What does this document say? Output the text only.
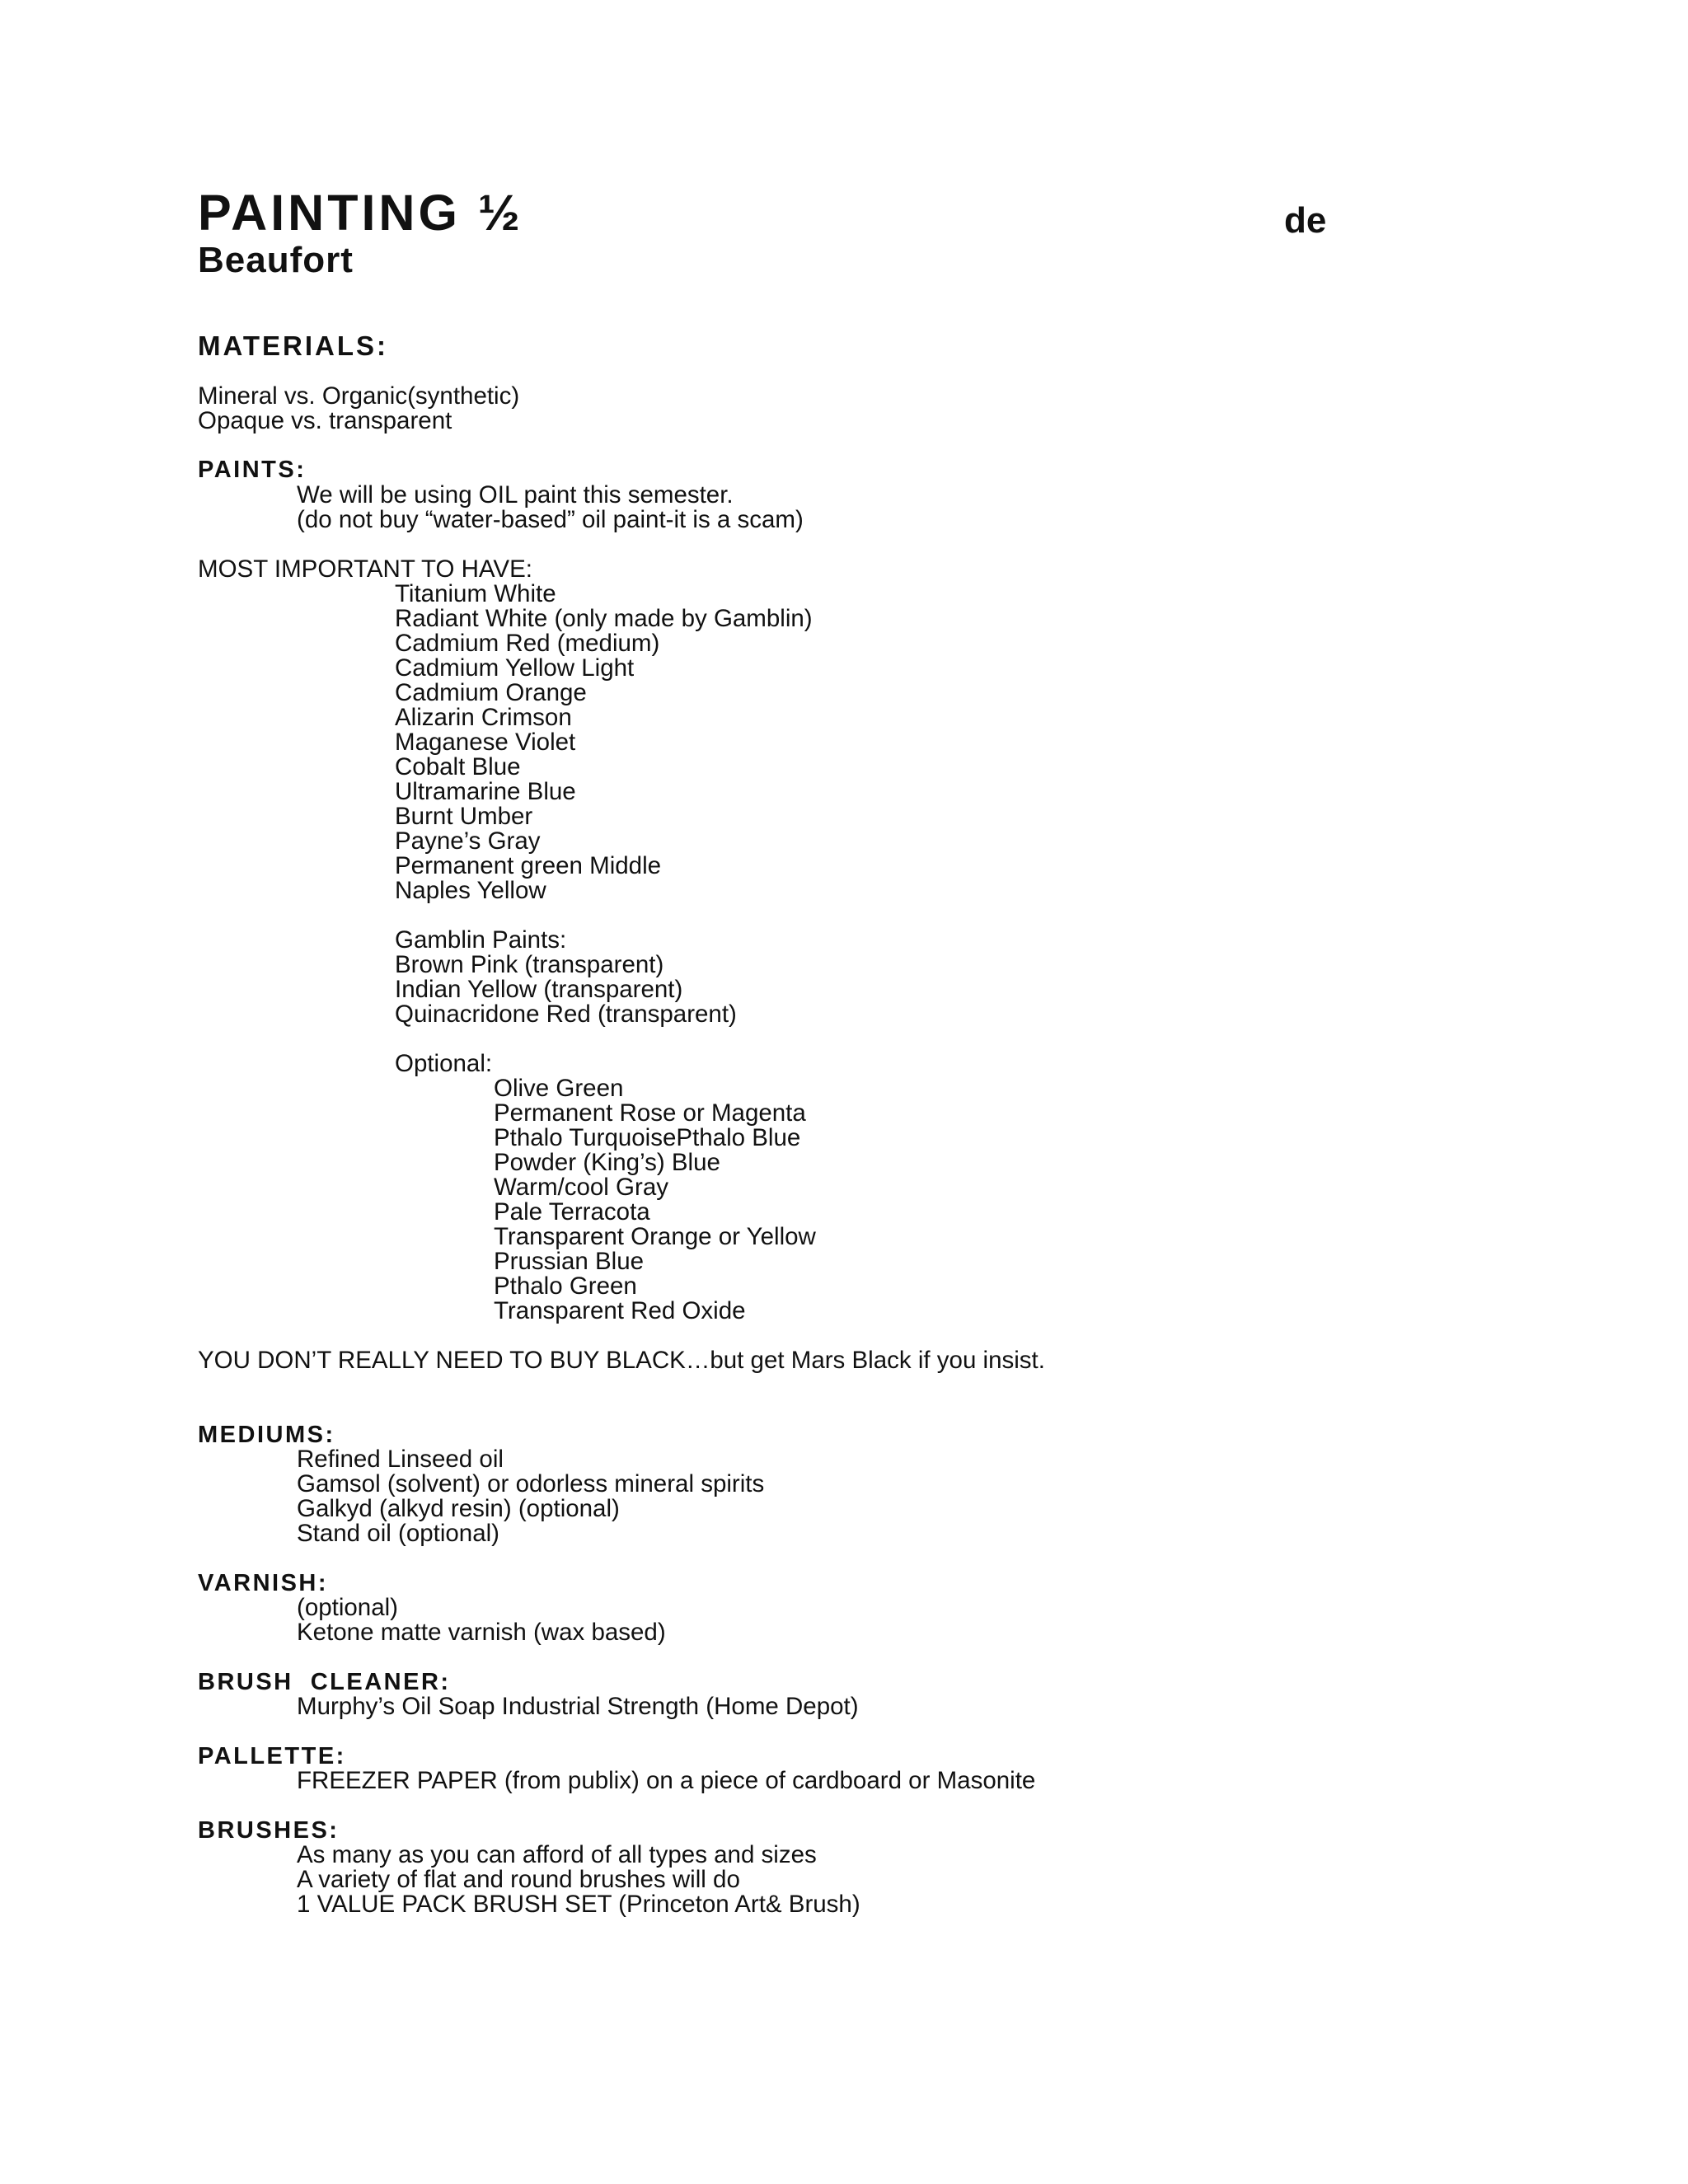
PAINTING ½	de
Beaufort
MATERIALS:
Mineral vs. Organic(synthetic)
Opaque vs. transparent
PAINTS:
We will be using OIL paint this semester.
(do not buy “water-based” oil paint-it is a scam)
MOST IMPORTANT TO HAVE:
Titanium White
Radiant White (only made by Gamblin)
Cadmium Red (medium)
Cadmium Yellow Light
Cadmium Orange
Alizarin Crimson
Maganese Violet
Cobalt Blue
Ultramarine Blue
Burnt Umber
Payne’s Gray
Permanent green Middle
Naples Yellow
Gamblin Paints:
Brown Pink (transparent)
Indian Yellow (transparent)
Quinacridone Red (transparent)
Optional:
Olive Green
Permanent Rose or Magenta
Pthalo TurquoisePthalo Blue
Powder (King’s) Blue
Warm/cool Gray
Pale Terracota
Transparent Orange or Yellow
Prussian Blue
Pthalo Green
Transparent Red Oxide
YOU DON’T REALLY NEED TO BUY BLACK…but get Mars Black if you insist.
MEDIUMS:
Refined Linseed oil
Gamsol (solvent) or odorless mineral spirits
Galkyd (alkyd resin) (optional)
Stand oil (optional)
VARNISH:
(optional)
Ketone matte varnish (wax based)
BRUSH  CLEANER:
Murphy’s Oil Soap Industrial Strength (Home Depot)
PALLETTE:
FREEZER PAPER (from publix) on a piece of cardboard or Masonite
BRUSHES:
As many as you can afford of all types and sizes
A variety of flat and round brushes will do
1 VALUE PACK BRUSH SET (Princeton Art& Brush)
